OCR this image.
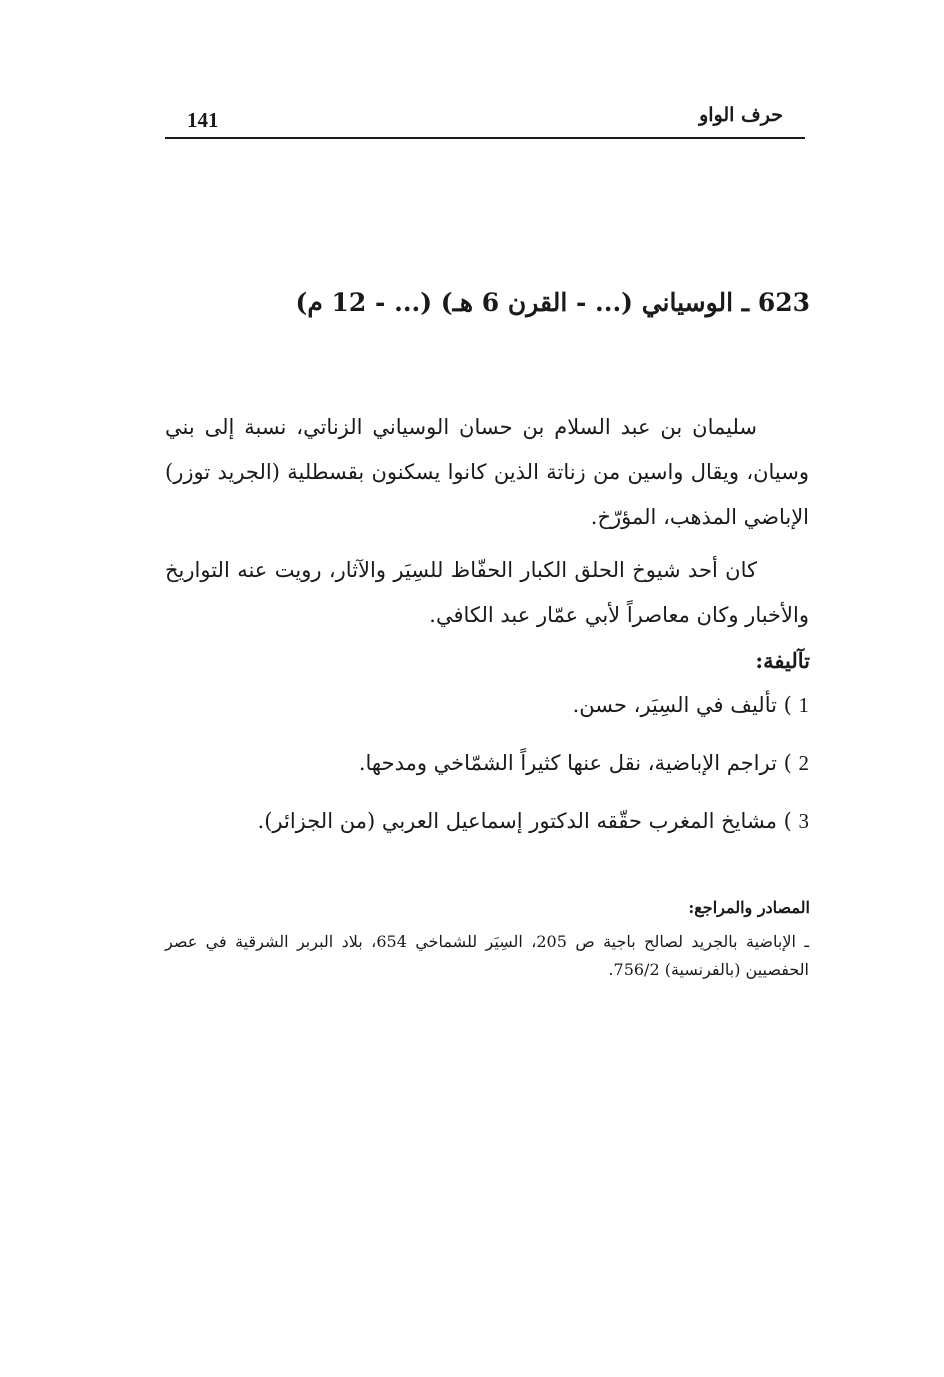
141	حرف الواو
623 ـ الوسياني (... - القرن 6 هـ) (... - 12 م)

سليمان بن عبد السلام بن حسان الوسياني الزناتي، نسبة إلى بني وسيان، ويقال واسين من زناتة الذين كانوا يسكنون بقسطلية (الجريد توزر) الإباضي المذهب، المؤرّخ.

كان أحد شيوخ الحلق الكبار الحفّاظ للسِيَر والآثار، رويت عنه التواريخ والأخبار وكان معاصراً لأبي عمّار عبد الكافي.

تآليفة:
1 ) تأليف في السِيَر، حسن.
2 ) تراجم الإباضية، نقل عنها كثيراً الشمّاخي ومدحها.
3 ) مشايخ المغرب حقّقه الدكتور إسماعيل العربي (من الجزائر).
المصادر والمراجع:

ـ الإباضية بالجريد لصالح باجية ص 205، السِيَر للشماخي 654، بلاد البربر الشرقية في عصر الحفصيين (بالفرنسية) 756/2.
